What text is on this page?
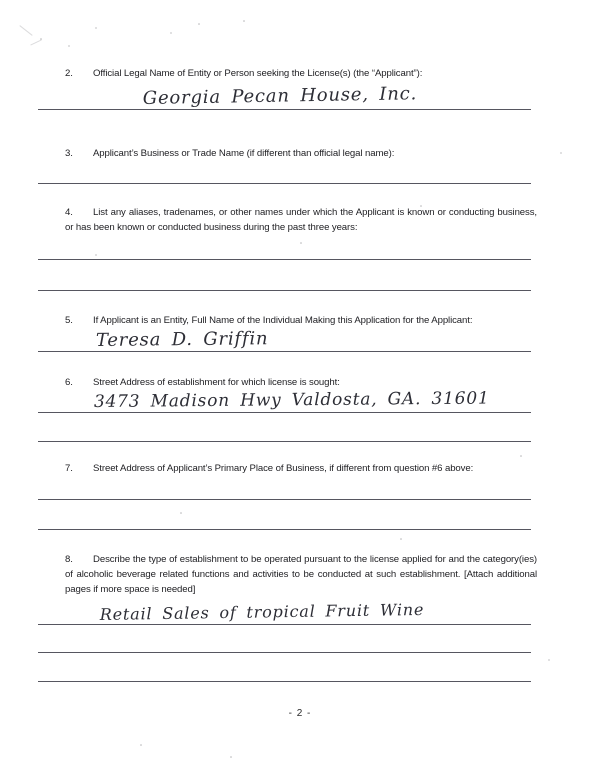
2. Official Legal Name of Entity or Person seeking the License(s) (the “Applicant”):

Georgia Pecan House, Inc.

3. Applicant’s Business or Trade Name (if different than official legal name):

4. List any aliases, tradenames, or other names under which the Applicant is known or conducting business, or has been known or conducted business during the past three years:

5. If Applicant is an Entity, Full Name of the Individual Making this Application for the Applicant:

Teresa D. Griffin

6. Street Address of establishment for which license is sought:

3473 Madison Hwy Valdosta, GA. 31601

7. Street Address of Applicant’s Primary Place of Business, if different from question #6 above:

8. Describe the type of establishment to be operated pursuant to the license applied for and the category(ies) of alcoholic beverage related functions and activities to be conducted at such establishment. [Attach additional pages if more space is needed]

Retail Sales of tropical Fruit Wine
- 2 -
